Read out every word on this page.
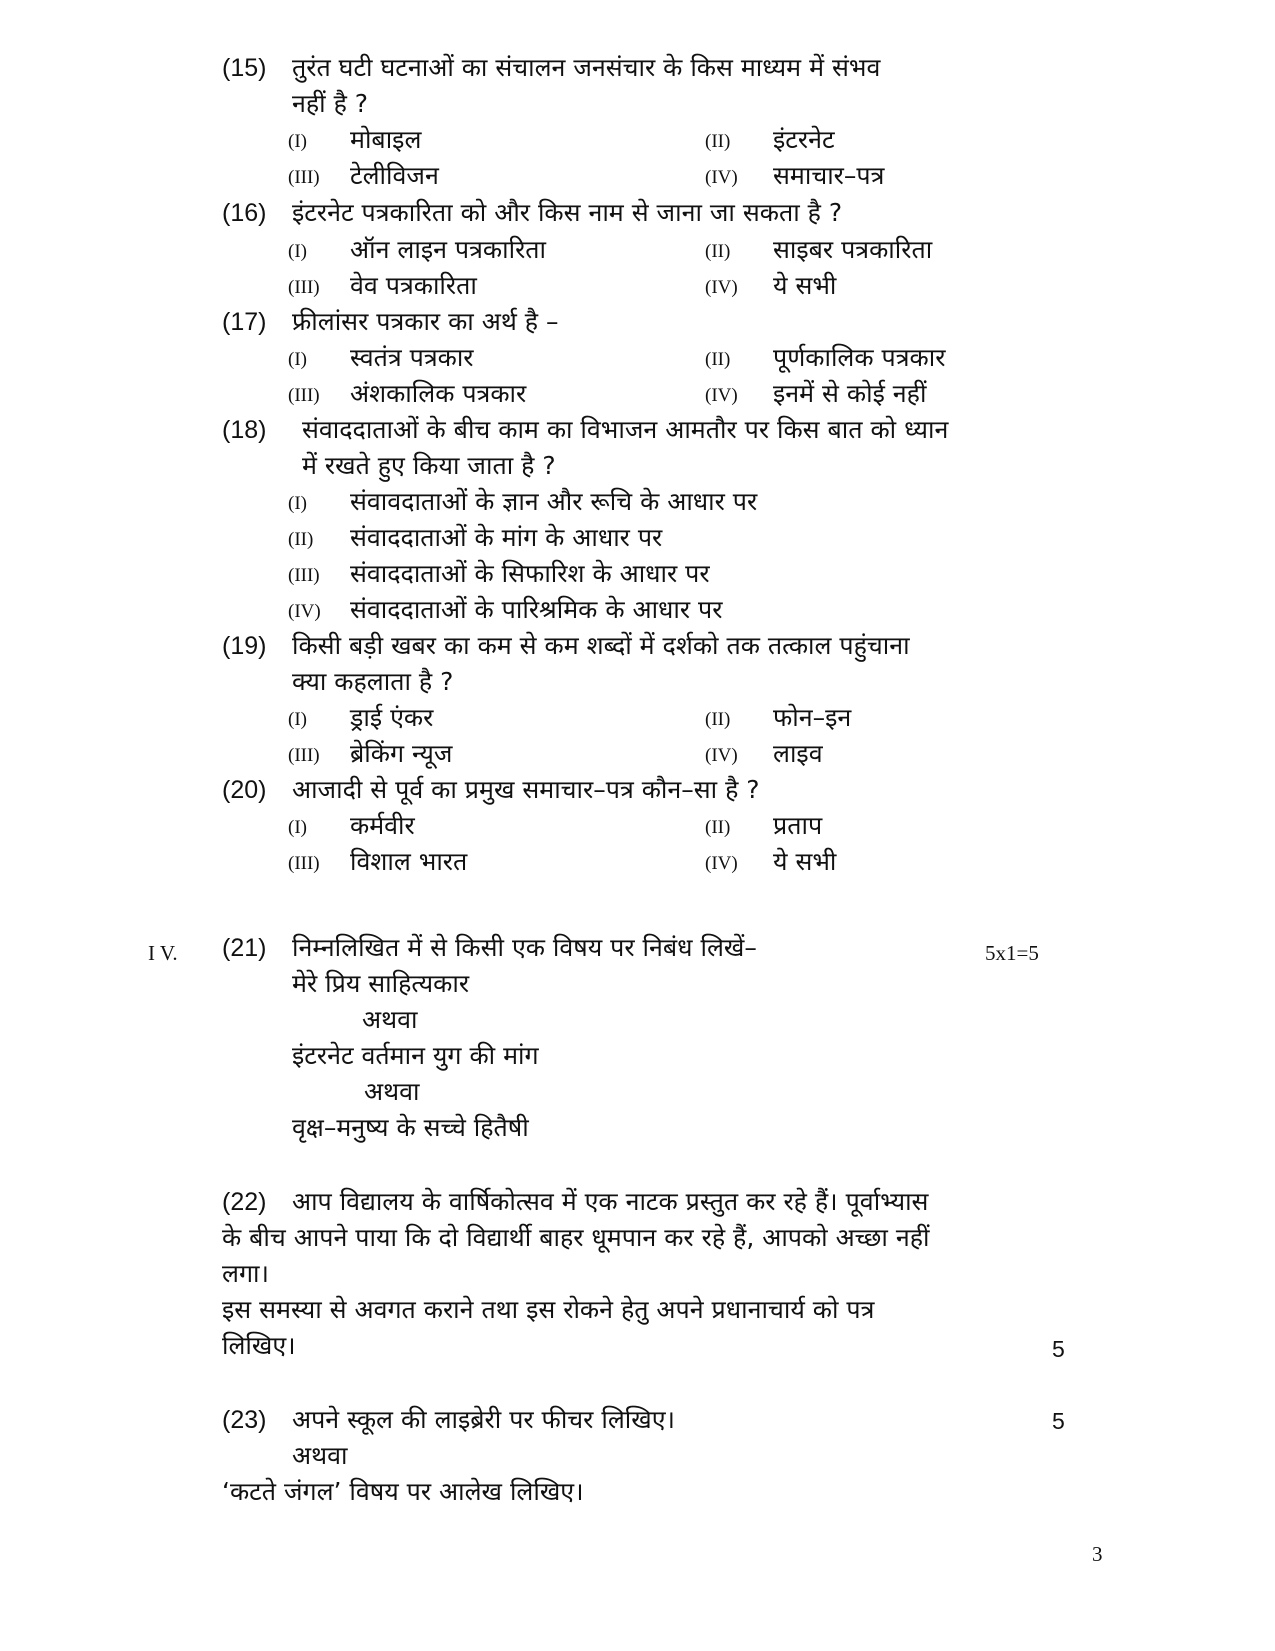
(15) तुरंत घटी घटनाओं का संचालन जनसंचार के किस माध्यम में संभव
नहीं है ?
(I) मोबाइल	(II) इंटरनेट
(III) टेलीविजन	(IV) समाचार–पत्र
(16) इंटरनेट पत्रकारिता को और किस नाम से जाना जा सकता है ?
(I) ऑन लाइन पत्रकारिता	(II) साइबर पत्रकारिता
(III) वेव पत्रकारिता	(IV) ये सभी
(17) फ्रीलांसर पत्रकार का अर्थ है –
(I) स्वतंत्र पत्रकार	(II) पूर्णकालिक पत्रकार
(III) अंशकालिक पत्रकार	(IV) इनमें से कोई नहीं
(18) संवाददाताओं के बीच काम का विभाजन आमतौर पर किस बात को ध्यान
में रखते हुए किया जाता है ?
(I) संवावदाताओं के ज्ञान और रूचि के आधार पर
(II) संवाददाताओं के मांग के आधार पर
(III) संवाददाताओं के सिफारिश के आधार पर
(IV) संवाददाताओं के पारिश्रमिक के आधार पर
(19) किसी बड़ी खबर का कम से कम शब्दों में दर्शको तक तत्काल पहुंचाना
क्या कहलाता है ?
(I) ड्राई एंकर	(II) फोन–इन
(III) ब्रेकिंग न्यूज	(IV) लाइव
(20) आजादी से पूर्व का प्रमुख समाचार–पत्र कौन–सा है ?
(I) कर्मवीर	(II) प्रताप
(III) विशाल भारत	(IV) ये सभी
I V. (21) निम्नलिखित में से किसी एक विषय पर निबंध लिखें–	5x1=5
मेरे प्रिय साहित्यकार
अथवा
इंटरनेट वर्तमान युग की मांग
अथवा
वृक्ष–मनुष्य के सच्चे हितैषी
(22) आप विद्यालय के वार्षिकोत्सव में एक नाटक प्रस्तुत कर रहे हैं। पूर्वाभ्यास
के बीच आपने पाया कि दो विद्यार्थी बाहर धूमपान कर रहे हैं, आपको अच्छा नहीं
लगा।
इस समस्या से अवगत कराने तथा इस रोकने हेतु अपने प्रधानाचार्य को पत्र
लिखिए।	5
(23) अपने स्कूल की लाइब्रेरी पर फीचर लिखिए।	5
अथवा
‘कटते जंगल’ विषय पर आलेख लिखिए।
3
